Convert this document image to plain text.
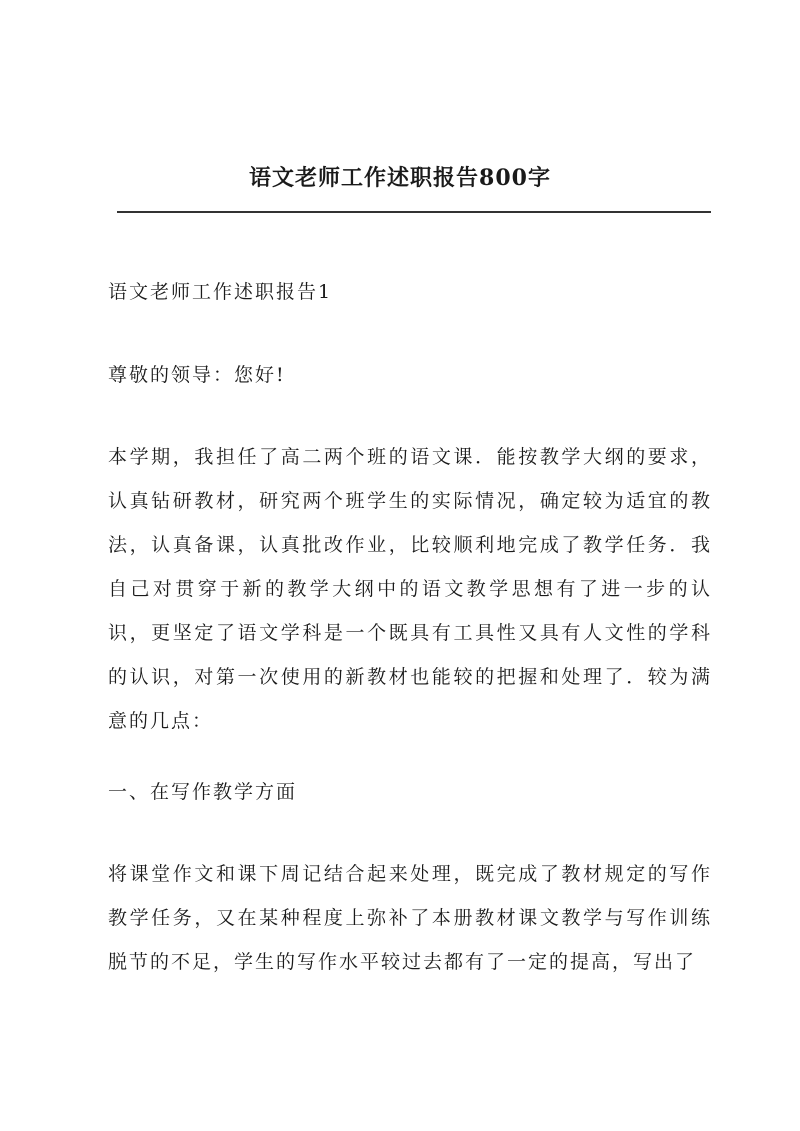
语文老师工作述职报告800字
语文老师工作述职报告1
尊敬的领导：您好!
本学期，我担任了高二两个班的语文课．能按教学大纲的要求，认真钻研教材，研究两个班学生的实际情况，确定较为适宜的教法，认真备课，认真批改作业，比较顺利地完成了教学任务．我自己对贯穿于新的教学大纲中的语文教学思想有了进一步的认识，更坚定了语文学科是一个既具有工具性又具有人文性的学科的认识，对第一次使用的新教材也能较的把握和处理了．较为满意的几点：
一、在写作教学方面
将课堂作文和课下周记结合起来处理，既完成了教材规定的写作教学任务，又在某种程度上弥补了本册教材课文教学与写作训练脱节的不足，学生的写作水平较过去都有了一定的提高，写出了
